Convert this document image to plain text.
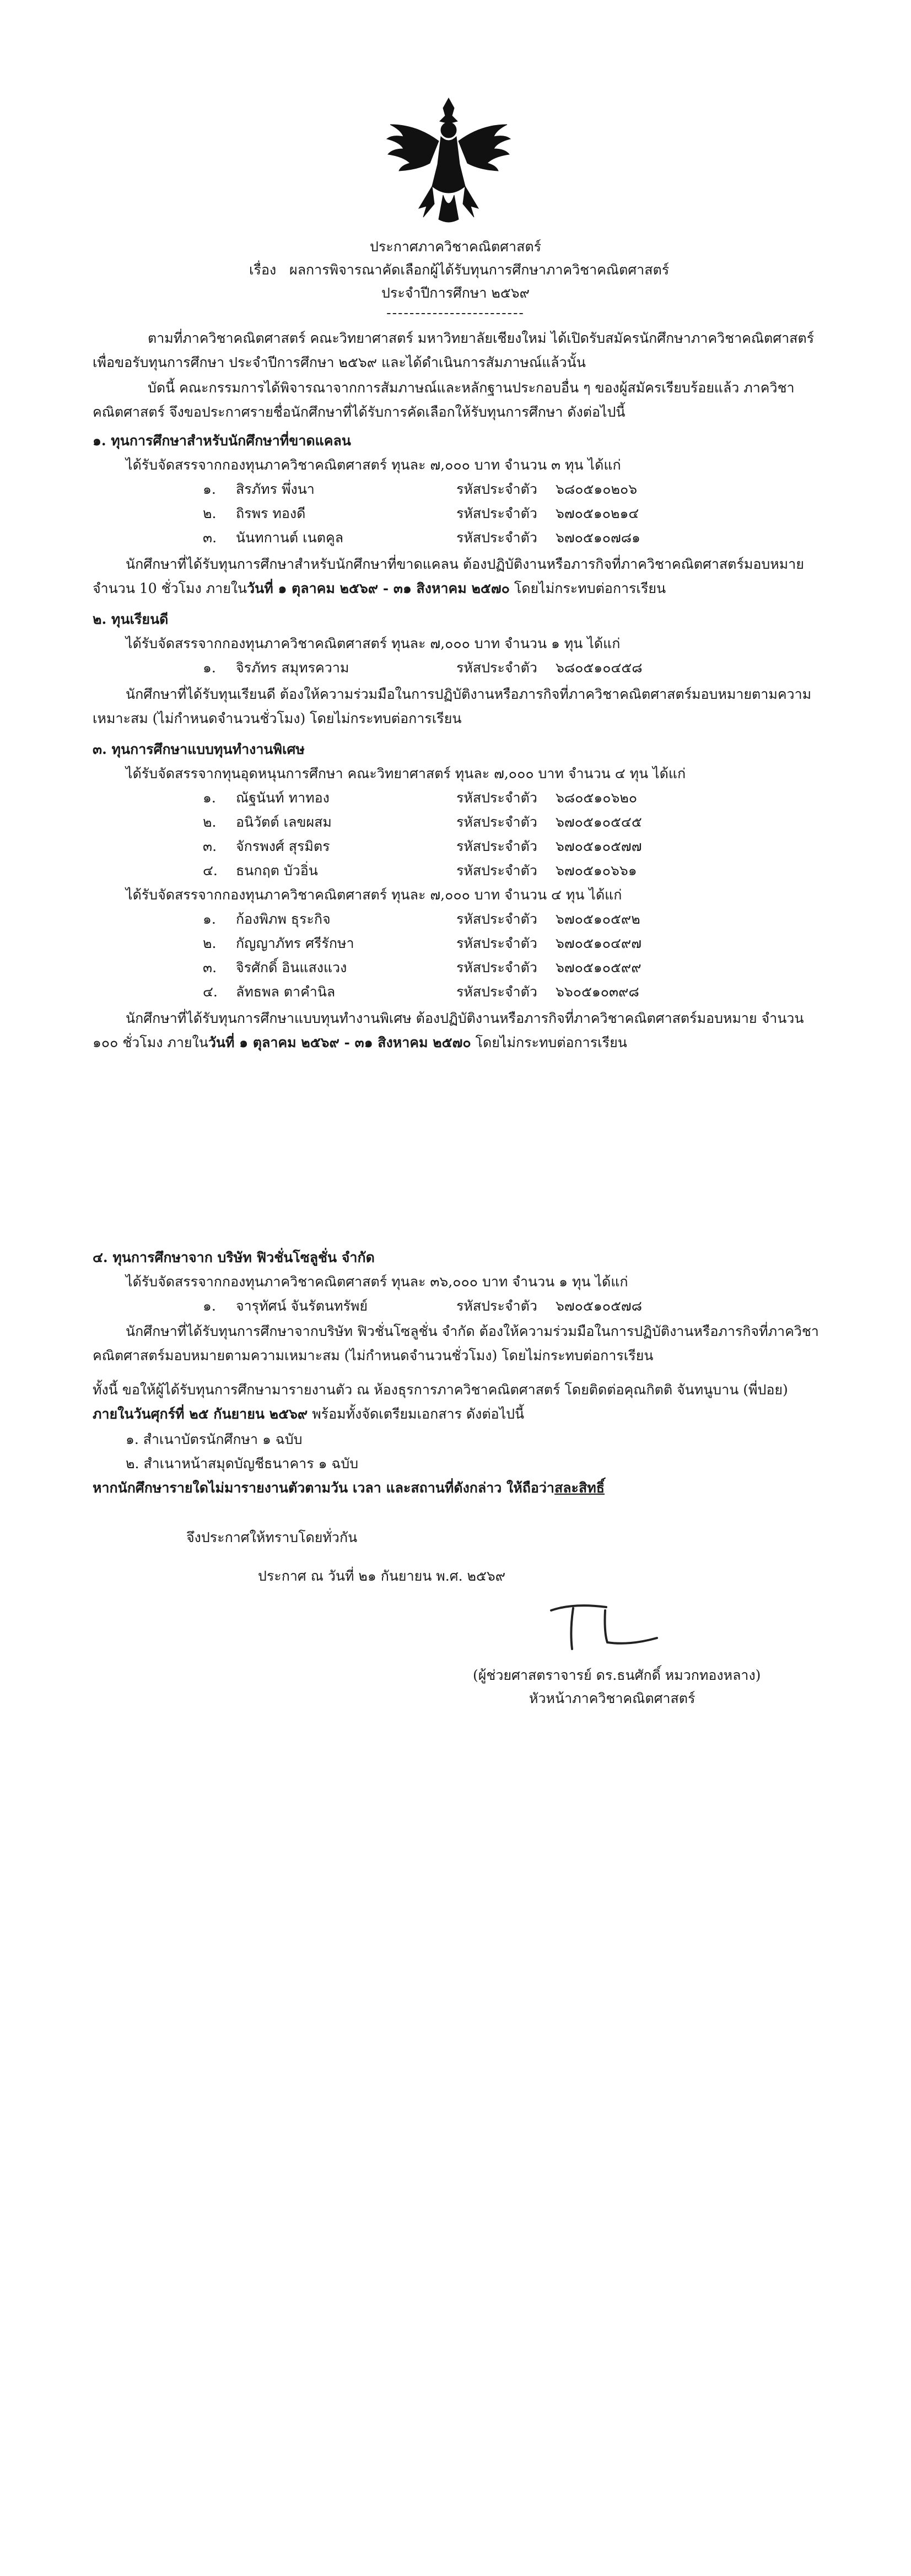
ประกาศภาควิชาคณิตศาสตร์
เรื่อง ผลการพิจารณาคัดเลือกผู้ได้รับทุนการศึกษาภาควิชาคณิตศาสตร์
ประจำปีการศึกษา ๒๕๖๙
------------------------
ตามที่ภาควิชาคณิตศาสตร์ คณะวิทยาศาสตร์ มหาวิทยาลัยเชียงใหม่ ได้เปิดรับสมัครนักศึกษาภาควิชาคณิตศาสตร์เพื่อขอรับทุนการศึกษา ประจำปีการศึกษา ๒๕๖๙ และได้ดำเนินการสัมภาษณ์แล้วนั้น
บัดนี้ คณะกรรมการได้พิจารณาจากการสัมภาษณ์และหลักฐานประกอบอื่น ๆ ของผู้สมัครเรียบร้อยแล้ว ภาควิชาคณิตศาสตร์ จึงขอประกาศรายชื่อนักศึกษาที่ได้รับการคัดเลือกให้รับทุนการศึกษา ดังต่อไปนี้
๑. ทุนการศึกษาสำหรับนักศึกษาที่ขาดแคลน
ได้รับจัดสรรจากกองทุนภาควิชาคณิตศาสตร์ ทุนละ ๗,๐๐๐ บาท จำนวน ๓ ทุน ได้แก่
๑. สิรภัทร พึ่งนา	รหัสประจำตัว ๖๘๐๕๑๐๒๐๖
๒. ถิรพร ทองดี	รหัสประจำตัว ๖๗๐๕๑๐๒๑๔
๓. นันทกานต์ เนตคูล	รหัสประจำตัว ๖๗๐๕๑๐๗๘๑
นักศึกษาที่ได้รับทุนการศึกษาสำหรับนักศึกษาที่ขาดแคลน ต้องปฏิบัติงานหรือภารกิจที่ภาควิชาคณิตศาสตร์มอบหมาย จำนวน 10 ชั่วโมง ภายในวันที่ ๑ ตุลาคม ๒๕๖๙ - ๓๑ สิงหาคม ๒๕๗๐ โดยไม่กระทบต่อการเรียน
๒. ทุนเรียนดี
ได้รับจัดสรรจากกองทุนภาควิชาคณิตศาสตร์ ทุนละ ๗,๐๐๐ บาท จำนวน ๑ ทุน ได้แก่
๑. จิรภัทร สมุทรความ	รหัสประจำตัว ๖๘๐๕๑๐๔๕๘
นักศึกษาที่ได้รับทุนเรียนดี ต้องให้ความร่วมมือในการปฏิบัติงานหรือภารกิจที่ภาควิชาคณิตศาสตร์มอบหมายตามความเหมาะสม (ไม่กำหนดจำนวนชั่วโมง) โดยไม่กระทบต่อการเรียน
๓. ทุนการศึกษาแบบทุนทำงานพิเศษ
ได้รับจัดสรรจากทุนอุดหนุนการศึกษา คณะวิทยาศาสตร์ ทุนละ ๗,๐๐๐ บาท จำนวน ๔ ทุน ได้แก่
๑. ณัฐนันท์ ทาทอง	รหัสประจำตัว ๖๘๐๕๑๐๖๒๐
๒. อนิวัตต์ เลขผสม	รหัสประจำตัว ๖๗๐๕๑๐๕๔๕
๓. จักรพงศ์ สุรมิตร	รหัสประจำตัว ๖๗๐๕๑๐๕๗๗
๔. ธนกฤต บัวอิ่น	รหัสประจำตัว ๖๗๐๕๑๐๖๖๑
ได้รับจัดสรรจากกองทุนภาควิชาคณิตศาสตร์ ทุนละ ๗,๐๐๐ บาท จำนวน ๔ ทุน ได้แก่
๑. ก้องพิภพ ธุระกิจ	รหัสประจำตัว ๖๗๐๕๑๐๕๙๒
๒. กัญญาภัทร ศรีรักษา	รหัสประจำตัว ๖๗๐๕๑๐๔๙๗
๓. จิรศักดิ์ อินแสงแวง	รหัสประจำตัว ๖๗๐๕๑๐๕๙๙
๔. ลัทธพล ตาคำนิล	รหัสประจำตัว ๖๖๐๕๑๐๓๙๘
นักศึกษาที่ได้รับทุนการศึกษาแบบทุนทำงานพิเศษ ต้องปฏิบัติงานหรือภารกิจที่ภาควิชาคณิตศาสตร์มอบหมาย จำนวน ๑๐๐ ชั่วโมง ภายในวันที่ ๑ ตุลาคม ๒๕๖๙ - ๓๑ สิงหาคม ๒๕๗๐ โดยไม่กระทบต่อการเรียน
๔. ทุนการศึกษาจาก บริษัท ฟิวชั่นโซลูชั่น จำกัด
ได้รับจัดสรรจากกองทุนภาควิชาคณิตศาสตร์ ทุนละ ๓๖,๐๐๐ บาท จำนวน ๑ ทุน ได้แก่
๑. จารุทัศน์ จันรัตนทรัพย์	รหัสประจำตัว ๖๗๐๕๑๐๕๗๘
นักศึกษาที่ได้รับทุนการศึกษาจากบริษัท ฟิวชั่นโซลูชั่น จำกัด ต้องให้ความร่วมมือในการปฏิบัติงานหรือภารกิจที่ภาควิชาคณิตศาสตร์มอบหมายตามความเหมาะสม (ไม่กำหนดจำนวนชั่วโมง) โดยไม่กระทบต่อการเรียน
ทั้งนี้ ขอให้ผู้ได้รับทุนการศึกษามารายงานตัว ณ ห้องธุรการภาควิชาคณิตศาสตร์ โดยติดต่อคุณกิตติ จันทนูบาน (พี่ปอย) ภายในวันศุกร์ที่ ๒๕ กันยายน ๒๕๖๙ พร้อมทั้งจัดเตรียมเอกสาร ดังต่อไปนี้
๑. สำเนาบัตรนักศึกษา ๑ ฉบับ
๒. สำเนาหน้าสมุดบัญชีธนาคาร ๑ ฉบับ
หากนักศึกษารายใดไม่มารายงานตัวตามวัน เวลา และสถานที่ดังกล่าว ให้ถือว่าสละสิทธิ์
จึงประกาศให้ทราบโดยทั่วกัน
ประกาศ ณ วันที่ ๒๑ กันยายน พ.ศ. ๒๕๖๙
(ผู้ช่วยศาสตราจารย์ ดร.ธนศักดิ์ หมวกทองหลาง)
หัวหน้าภาควิชาคณิตศาสตร์
